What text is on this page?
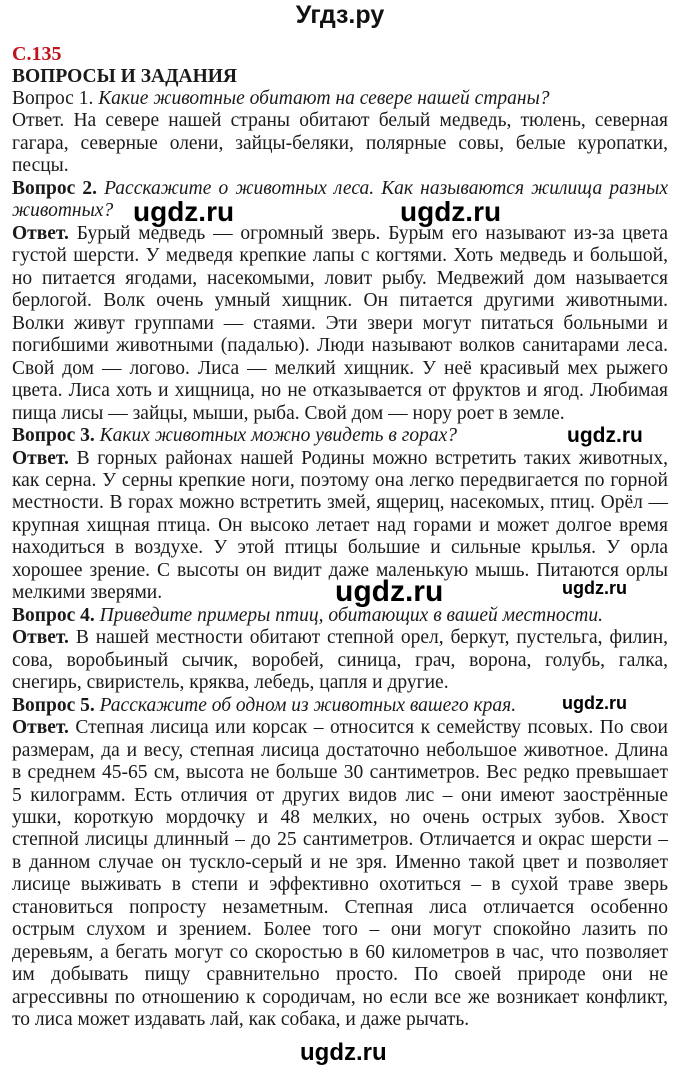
Угдз.ру
С.135
ВОПРОСЫ И ЗАДАНИЯ
Вопрос 1. Какие животные обитают на севере нашей страны?
Ответ. На севере нашей страны обитают белый медведь, тюлень, северная
гагара, северные олени, зайцы-беляки, полярные совы, белые куропатки,
песцы.
Вопрос 2. Расскажите о животных леса. Как называются жилища разных
животных?
Ответ. Бурый медведь — огромный зверь. Бурым его называют из-за цвета
густой шерсти. У медведя крепкие лапы с когтями. Хоть медведь и большой,
но питается ягодами, насекомыми, ловит рыбу. Медвежий дом называется
берлогой. Волк очень умный хищник. Он питается другими животными.
Волки живут группами — стаями. Эти звери могут питаться больными и
погибшими животными (падалью). Люди называют волков санитарами леса.
Свой дом — логово. Лиса — мелкий хищник. У неё красивый мех рыжего
цвета. Лиса хоть и хищница, но не отказывается от фруктов и ягод. Любимая
пища лисы — зайцы, мыши, рыба. Свой дом — нору роет в земле.
Вопрос 3. Каких животных можно увидеть в горах?
Ответ. В горных районах нашей Родины можно встретить таких животных,
как серна. У серны крепкие ноги, поэтому она легко передвигается по горной
местности. В горах можно встретить змей, ящериц, насекомых, птиц. Орёл —
крупная хищная птица. Он высоко летает над горами и может долгое время
находиться в воздухе. У этой птицы большие и сильные крылья. У орла
хорошее зрение. С высоты он видит даже маленькую мышь. Питаются орлы
мелкими зверями.
Вопрос 4. Приведите примеры птиц, обитающих в вашей местности.
Ответ. В нашей местности обитают степной орел, беркут, пустельга, филин,
сова, воробьиный сычик, воробей, синица, грач, ворона, голубь, галка,
снегирь, свиристель, кряква, лебедь, цапля и другие.
Вопрос 5. Расскажите об одном из животных вашего края.
Ответ. Степная лисица или корсак – относится к семейству псовых. По свои
размерам, да и весу, степная лисица достаточно небольшое животное. Длина
в среднем 45-65 см, высота не больше 30 сантиметров. Вес редко превышает
5 килограмм. Есть отличия от других видов лис – они имеют заострённые
ушки, короткую мордочку и 48 мелких, но очень острых зубов. Хвост
степной лисицы длинный – до 25 сантиметров. Отличается и окрас шерсти –
в данном случае он тускло-серый и не зря. Именно такой цвет и позволяет
лисице выживать в степи и эффективно охотиться – в сухой траве зверь
становиться попросту незаметным. Степная лиса отличается особенно
острым слухом и зрением. Более того – они могут спокойно лазить по
деревьям, а бегать могут со скоростью в 60 километров в час, что позволяет
им добывать пищу сравнительно просто. По своей природе они не
агрессивны по отношению к сородичам, но если все же возникает конфликт,
то лиса может издавать лай, как собака, и даже рычать.
ugdz.ru	ugdz.ru
ugdz.ru
ugdz.ru	ugdz.ru
ugdz.ru
ugdz.ru
